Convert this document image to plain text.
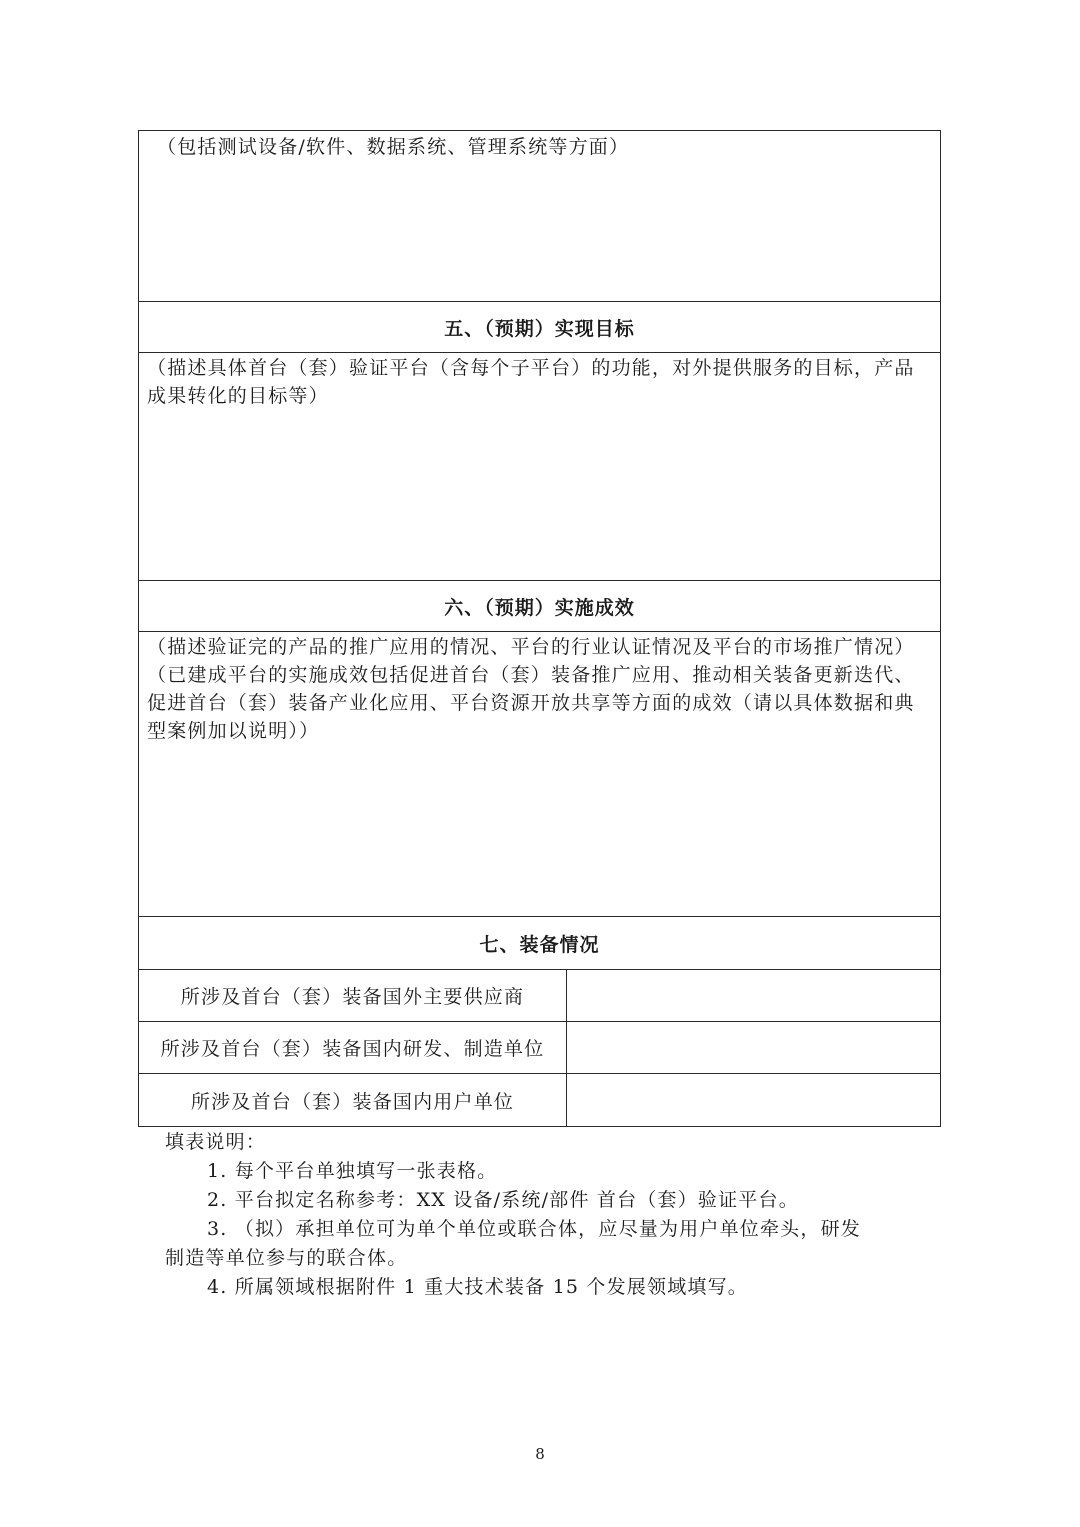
（包括测试设备/软件、数据系统、管理系统等方面）
五、（预期）实现目标
（描述具体首台（套）验证平台（含每个子平台）的功能，对外提供服务的目标，产品成果转化的目标等）
六、（预期）实施成效
（描述验证完的产品的推广应用的情况、平台的行业认证情况及平台的市场推广情况）
（已建成平台的实施成效包括促进首台（套）装备推广应用、推动相关装备更新迭代、促进首台（套）装备产业化应用、平台资源开放共享等方面的成效（请以具体数据和典型案例加以说明））
七、装备情况
所涉及首台（套）装备国外主要供应商
所涉及首台（套）装备国内研发、制造单位
所涉及首台（套）装备国内用户单位
填表说明：
1. 每个平台单独填写一张表格。
2. 平台拟定名称参考：XX 设备/系统/部件 首台（套）验证平台。
3. （拟）承担单位可为单个单位或联合体，应尽量为用户单位牵头，研发
制造等单位参与的联合体。
4. 所属领域根据附件 1 重大技术装备 15 个发展领域填写。
8
